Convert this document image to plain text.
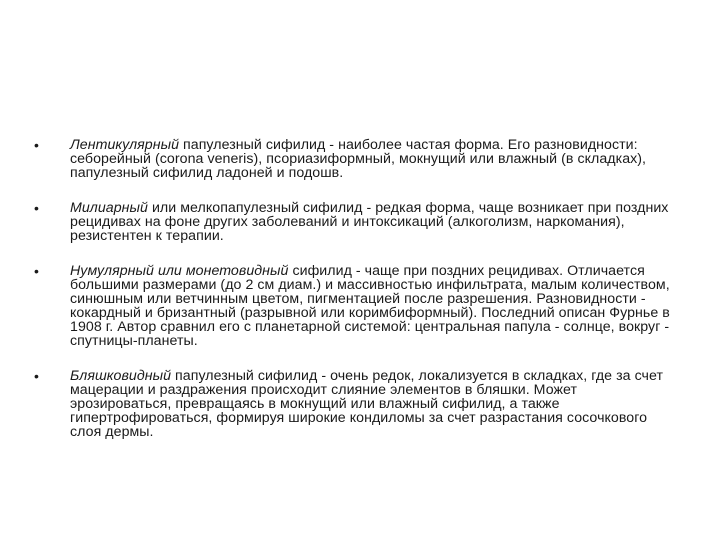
• Лентикулярный папулезный сифилид - наиболее частая форма. Его разновидности: себорейный (corona veneris), псориазиформный, мокнущий или влажный (в складках), папулезный сифилид ладоней и подошв.
• Милиарный или мелкопапулезный сифилид - редкая форма, чаще возникает при поздних рецидивах на фоне других заболеваний и интоксикаций (алкоголизм, наркомания), резистентен к терапии.
• Нумулярный или монетовидный сифилид - чаще при поздних рецидивах. Отличается большими размерами (до 2 см диам.) и массивностью инфильтрата, малым количеством, синюшным или ветчинным цветом, пигментацией после разрешения. Разновидности - кокардный и бризантный (разрывной или коримбиформный). Последний описан Фурнье в 1908 г. Автор сравнил его с планетарной системой: центральная папула - солнце, вокруг - спутницы-планеты.
• Бляшковидный папулезный сифилид - очень редок, локализуется в складках, где за счет мацерации и раздражения происходит слияние элементов в бляшки. Может эрозироваться, превращаясь в мокнущий или влажный сифилид, а также гипертрофироваться, формируя широкие кондиломы за счет разрастания сосочкового слоя дермы.
